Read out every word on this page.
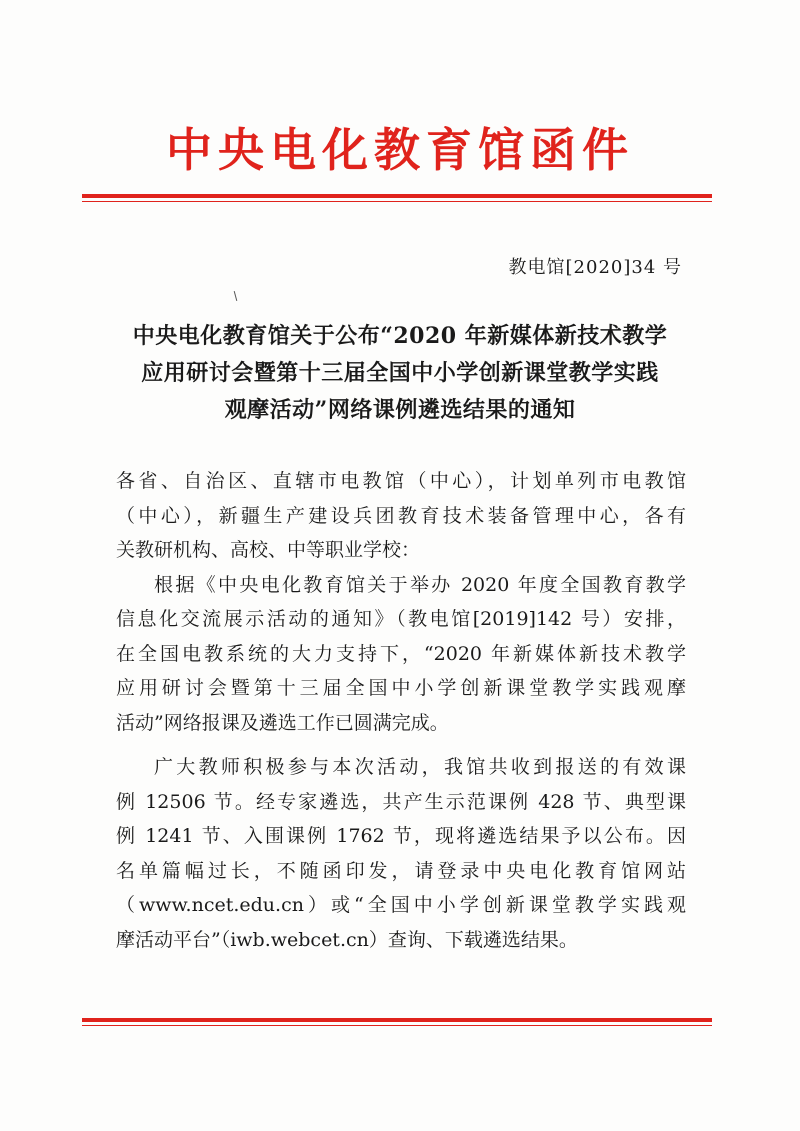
中央电化教育馆函件
教电馆[2020]34 号
中央电化教育馆关于公布“2020 年新媒体新技术教学
应用研讨会暨第十三届全国中小学创新课堂教学实践
观摩活动”网络课例遴选结果的通知
各省、自治区、直辖市电教馆（中心），计划单列市电教馆
（中心），新疆生产建设兵团教育技术装备管理中心，各有
关教研机构、高校、中等职业学校：
根据《中央电化教育馆关于举办 2020 年度全国教育教学
信息化交流展示活动的通知》（教电馆[2019]142 号）安排，
在全国电教系统的大力支持下，“2020 年新媒体新技术教学
应用研讨会暨第十三届全国中小学创新课堂教学实践观摩
活动”网络报课及遴选工作已圆满完成。
广大教师积极参与本次活动，我馆共收到报送的有效课
例 12506 节。经专家遴选，共产生示范课例 428 节、典型课
例 1241 节、入围课例 1762 节，现将遴选结果予以公布。因
名单篇幅过长，不随函印发，请登录中央电化教育馆网站
（www.ncet.edu.cn）或“全国中小学创新课堂教学实践观
摩活动平台”（iwb.webcet.cn）查询、下载遴选结果。
